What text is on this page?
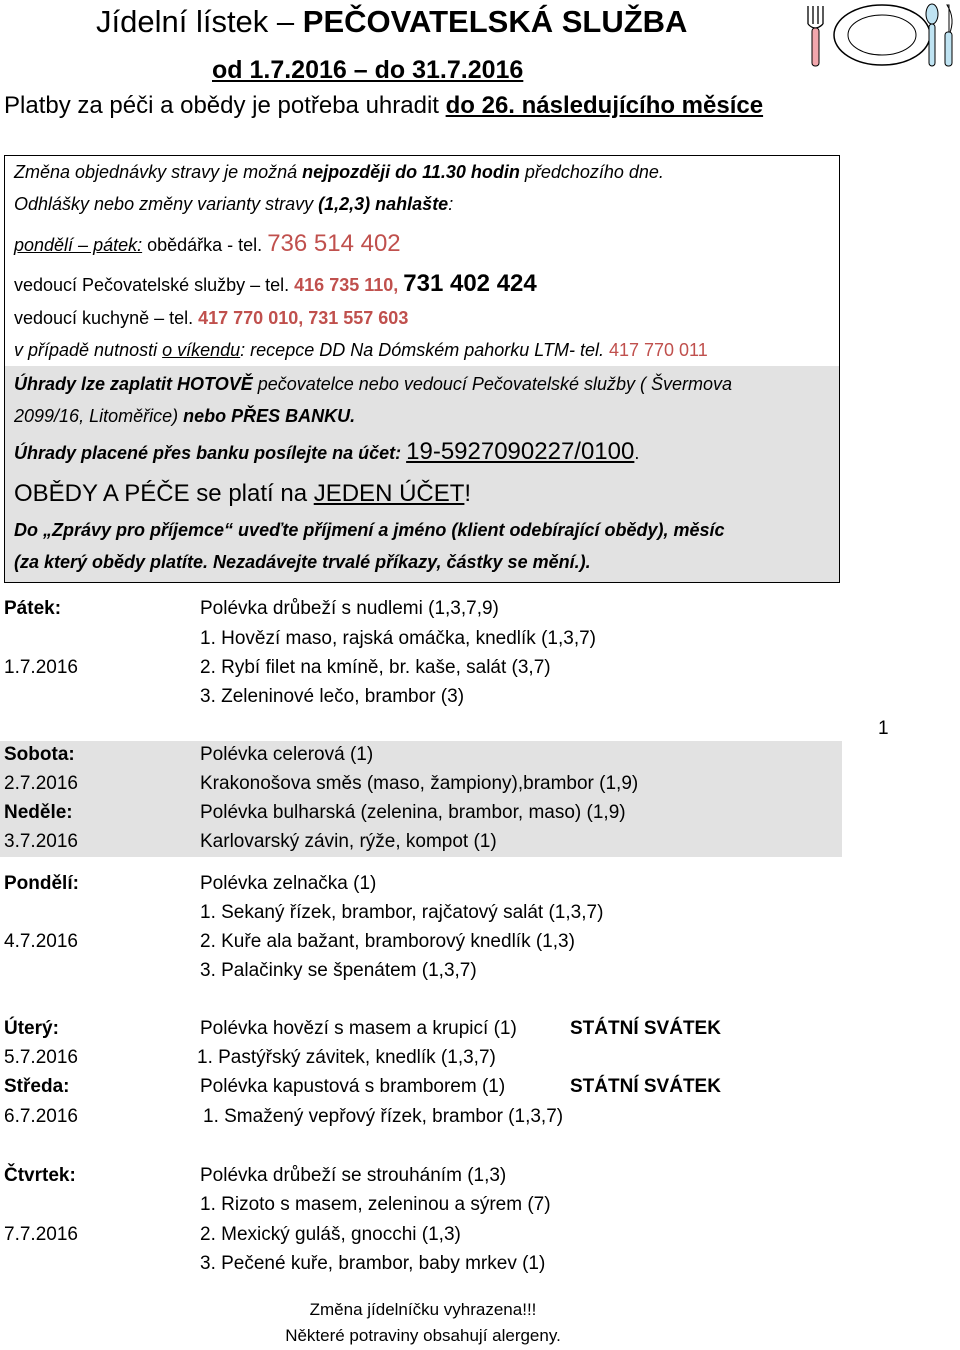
Jídelní lístek – PEČOVATELSKÁ SLUŽBA
od 1.7.2016 – do 31.7.2016
Platby za péči a obědy je potřeba uhradit do 26. následujícího měsíce
Změna objednávky stravy je možná nejpozději do 11.30 hodin předchozího dne.
Odhlášky nebo změny varianty stravy (1,2,3) nahlašte:
pondělí – pátek: obědářka - tel. 736 514 402
vedoucí Pečovatelské služby – tel. 416 735 110, 731 402 424
vedoucí kuchyně – tel. 417 770 010, 731 557 603
v případě nutnosti o víkendu: recepce DD Na Dómském pahorku LTM- tel. 417 770 011
Úhrady lze zaplatit HOTOVĚ pečovatelce nebo vedoucí Pečovatelské služby ( Švermova
2099/16, Litoměřice) nebo PŘES BANKU.
Úhrady placené přes banku posílejte na účet: 19-5927090227/0100.
OBĚDY A PÉČE se platí na JEDEN ÚČET!
Do „Zprávy pro příjemce“ uveďte příjmení a jméno (klient odebírající obědy), měsíc
(za který obědy platíte. Nezadávejte trvalé příkazy, částky se mění.).
Pátek:
1.7.2016
Polévka drůbeží s nudlemi (1,3,7,9)
1. Hovězí maso, rajská omáčka, knedlík (1,3,7)
2. Rybí filet na kmíně, br. kaše, salát (3,7)
3. Zeleninové lečo, brambor (3)
Sobota:
2.7.2016
Polévka celerová (1)
Krakonošova směs (maso, žampiony),brambor (1,9)
Neděle:
3.7.2016
Polévka bulharská (zelenina, brambor, maso) (1,9)
Karlovarský závin, rýže, kompot (1)
Pondělí:
4.7.2016
Polévka zelnačka (1)
1. Sekaný řízek, brambor, rajčatový salát (1,3,7)
2. Kuře ala bažant, bramborový knedlík (1,3)
3. Palačinky se špenátem (1,3,7)
Úterý:
5.7.2016
Polévka hovězí s masem a krupicí (1)	STÁTNÍ SVÁTEK
1. Pastýřský závitek, knedlík (1,3,7)
Středa:
6.7.2016
Polévka kapustová s bramborem (1)	STÁTNÍ SVÁTEK
1. Smažený vepřový řízek, brambor (1,3,7)
Čtvrtek:
7.7.2016
Polévka drůbeží se strouháním (1,3)
1. Rizoto s masem, zeleninou a sýrem (7)
2. Mexický guláš, gnocchi (1,3)
3. Pečené kuře, brambor, baby mrkev (1)
1
Změna jídelníčku vyhrazena!!!
Některé potraviny obsahují alergeny.
